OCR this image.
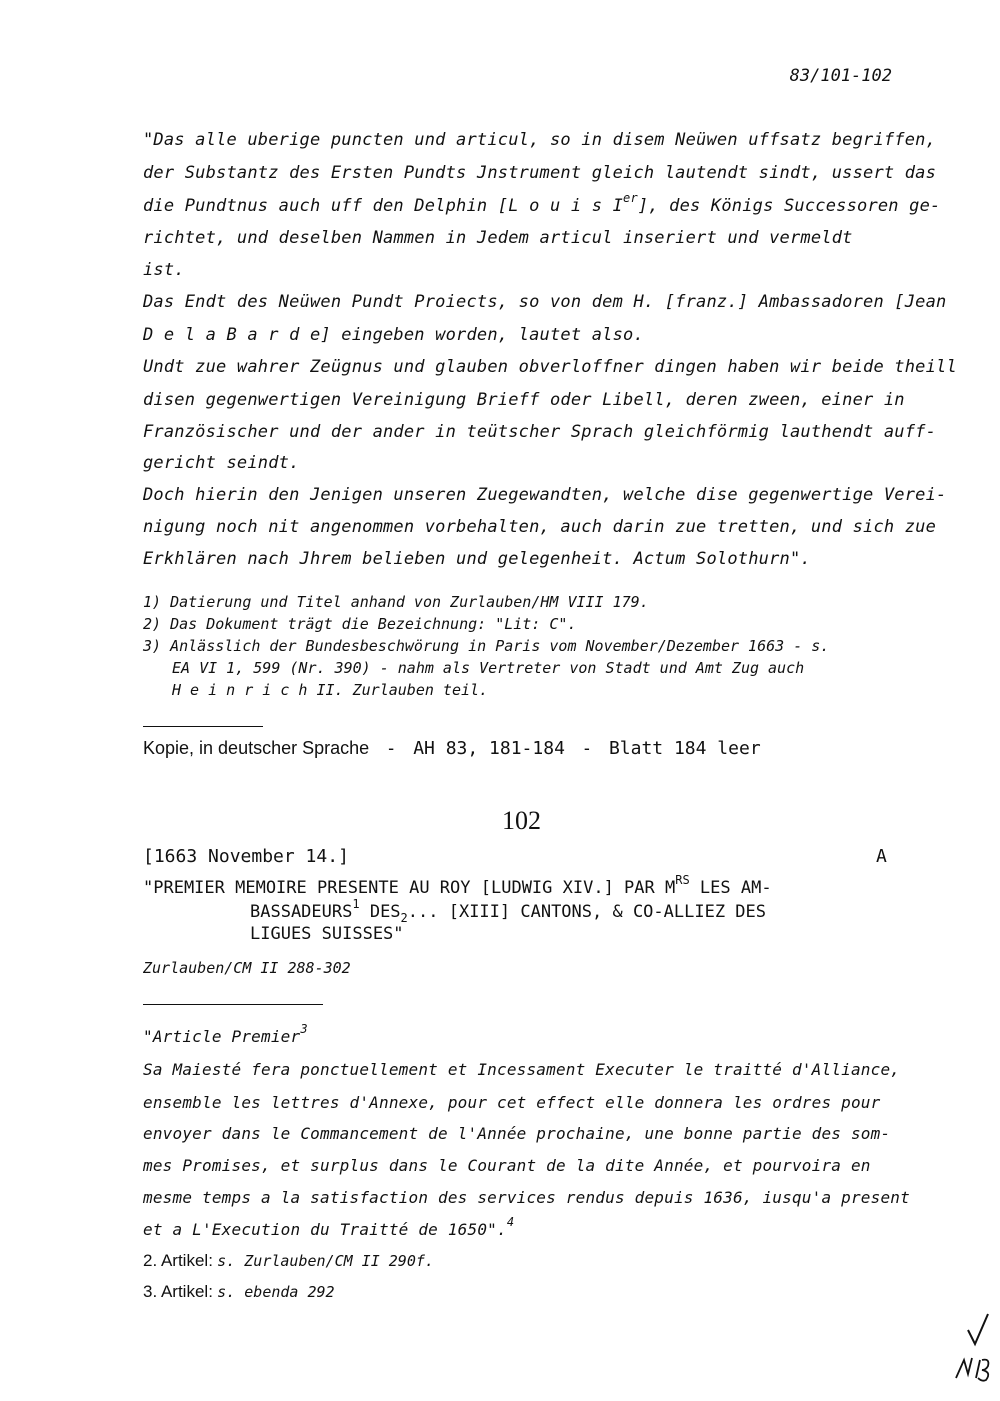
83/101-102
"Das alle uberige puncten und articul, so in disem Neüwen uffsatz begriffen,
der Substantz des Ersten Pundts Jnstrument gleich lautendt sindt, ussert das
die Pundtnus auch uff den Delphin [L o u i s Ier], des Königs Successoren ge-
richtet, und deselben Nammen in Jedem articul inseriert und vermeldt
ist.
Das Endt des Neüwen Pundt Proiects, so von dem H. [franz.] Ambassadoren [Jean
D e l a B a r d e] eingeben worden, lautet also.
Undt zue wahrer Zeügnus und glauben obverloffner dingen haben wir beide theill
disen gegenwertigen Vereinigung Brieff oder Libell, deren zween, einer in
Französischer und der ander in teütscher Sprach gleichförmig lauthendt auff-
gericht seindt.
Doch hierin den Jenigen unseren Zuegewandten, welche dise gegenwertige Verei-
nigung noch nit angenommen vorbehalten, auch darin zue tretten, und sich zue
Erkhlären nach Jhrem belieben und gelegenheit. Actum Solothurn".
1) Datierung und Titel anhand von Zurlauben/HM VIII 179.
2) Das Dokument trägt die Bezeichnung: "Lit: C".
3) Anlässlich der Bundesbeschwörung in Paris vom November/Dezember 1663 - s.
EA VI 1, 599 (Nr. 390) - nahm als Vertreter von Stadt und Amt Zug auch
H e i n r i c h II. Zurlauben teil.
Kopie, in deutscher Sprache - AH 83, 181-184 - Blatt 184 leer
102
[1663 November 14.]	A
"PREMIER MEMOIRE PRESENTE AU ROY [LUDWIG XIV.] PAR $M^{RS}$ LES AM-
BASSADEURS$^1$ $DES_2$... [XIII] CANTONS, & CO-ALLIEZ DES
LIGUES SUISSES"
Zurlauben/CM II 288-302
"Article Premier$^3$
Sa Maiesté fera ponctuellement et Incessament Executer le traitté d'Alliance,
ensemble les lettres d'Annexe, pour cet effect elle donnera les ordres pour
envoyer dans le Commancement de l'Année prochaine, une bonne partie des som-
mes Promises, et surplus dans le Courant de la dite Année, et pourvoira en
mesme temps a la satisfaction des services rendus depuis 1636, iusqu'a present
et a L'Execution du Traitté de 1650".$^4$
2. Artikel: s. Zurlauben/CM II 290f.
3. Artikel: s. ebenda 292
